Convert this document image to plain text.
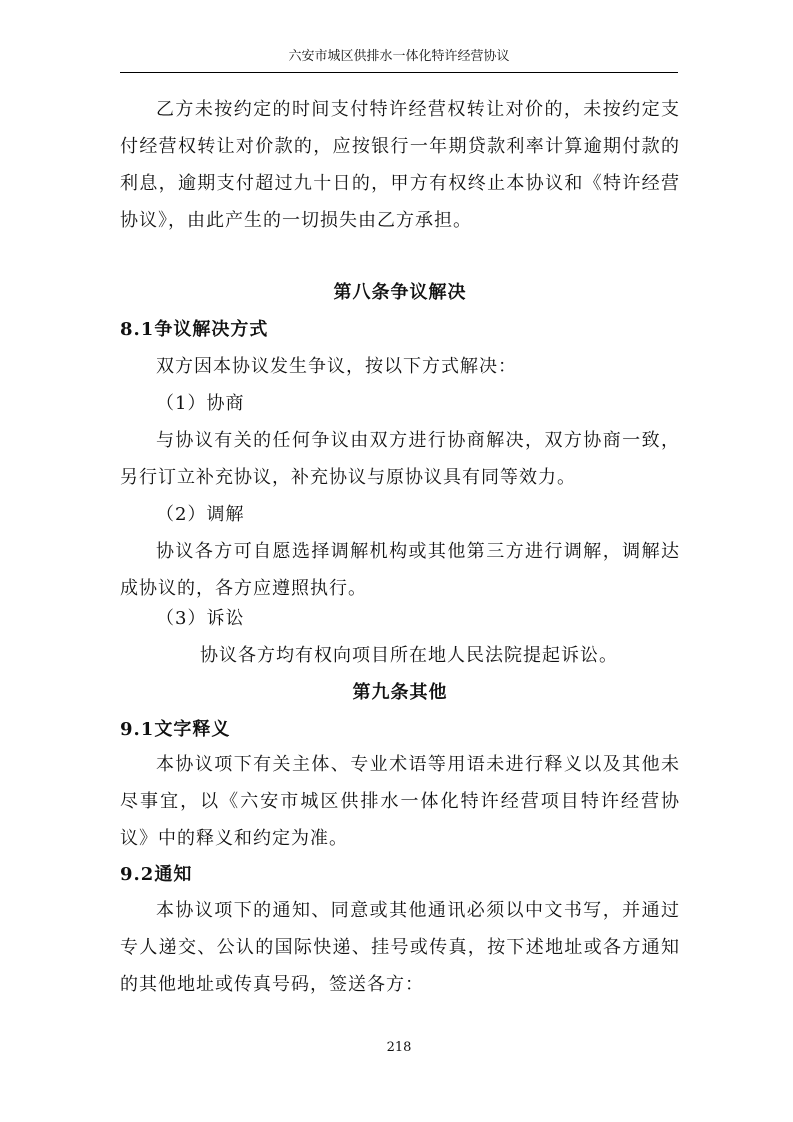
六安市城区供排水一体化特许经营协议

乙方未按约定的时间支付特许经营权转让对价的，未按约定支付经营权转让对价款的，应按银行一年期贷款利率计算逾期付款的利息，逾期支付超过九十日的，甲方有权终止本协议和《特许经营协议》，由此产生的一切损失由乙方承担。

第八条争议解决
8.1争议解决方式
双方因本协议发生争议，按以下方式解决：
（1）协商

与协议有关的任何争议由双方进行协商解决，双方协商一致，另行订立补充协议，补充协议与原协议具有同等效力。

（2）调解

协议各方可自愿选择调解机构或其他第三方进行调解，调解达成协议的，各方应遵照执行。

（3）诉讼
协议各方均有权向项目所在地人民法院提起诉讼。
第九条其他
9.1文字释义

本协议项下有关主体、专业术语等用语未进行释义以及其他未尽事宜，以《六安市城区供排水一体化特许经营项目特许经营协议》中的释义和约定为准。

9.2通知

本协议项下的通知、同意或其他通讯必须以中文书写，并通过专人递交、公认的国际快递、挂号或传真，按下述地址或各方通知的其他地址或传真号码，签送各方：

218
